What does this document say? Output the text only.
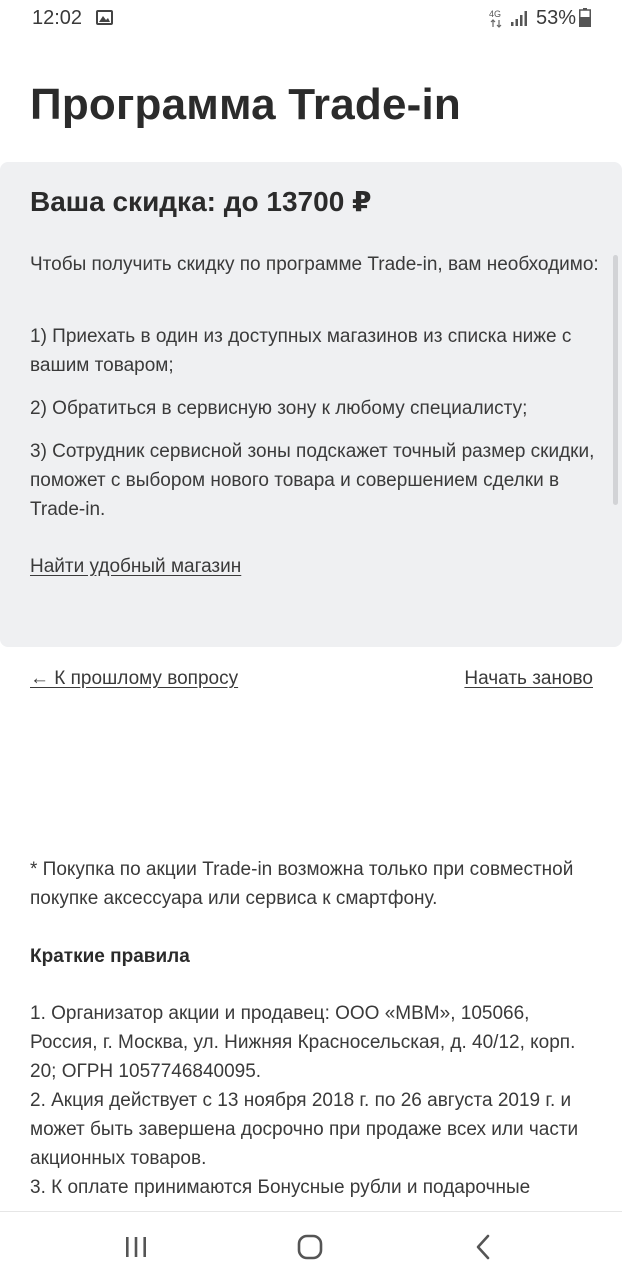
12:02	4G 53%
Программа Trade-in
Ваша скидка: до 13700 ₽
Чтобы получить скидку по программе Trade-in, вам необходимо:
1) Приехать в один из доступных магазинов из списка ниже с вашим товаром;
2) Обратиться в сервисную зону к любому специалисту;
3) Сотрудник сервисной зоны подскажет точный размер скидки, поможет с выбором нового товара и совершением сделки в Trade-in.
Найти удобный магазин
← К прошлому вопросу	Начать заново
* Покупка по акции Trade-in возможна только при совместной покупке аксессуара или сервиса к смартфону.
Краткие правила

1. Организатор акции и продавец: ООО «МВМ», 105066, Россия, г. Москва, ул. Нижняя Красносельская, д. 40/12, корп. 20; ОГРН 1057746840095.

2. Акция действует с 13 ноября 2018 г. по 26 августа 2019 г. и может быть завершена досрочно при продаже всех или части акционных товаров.

3. К оплате принимаются Бонусные рубли и подарочные
